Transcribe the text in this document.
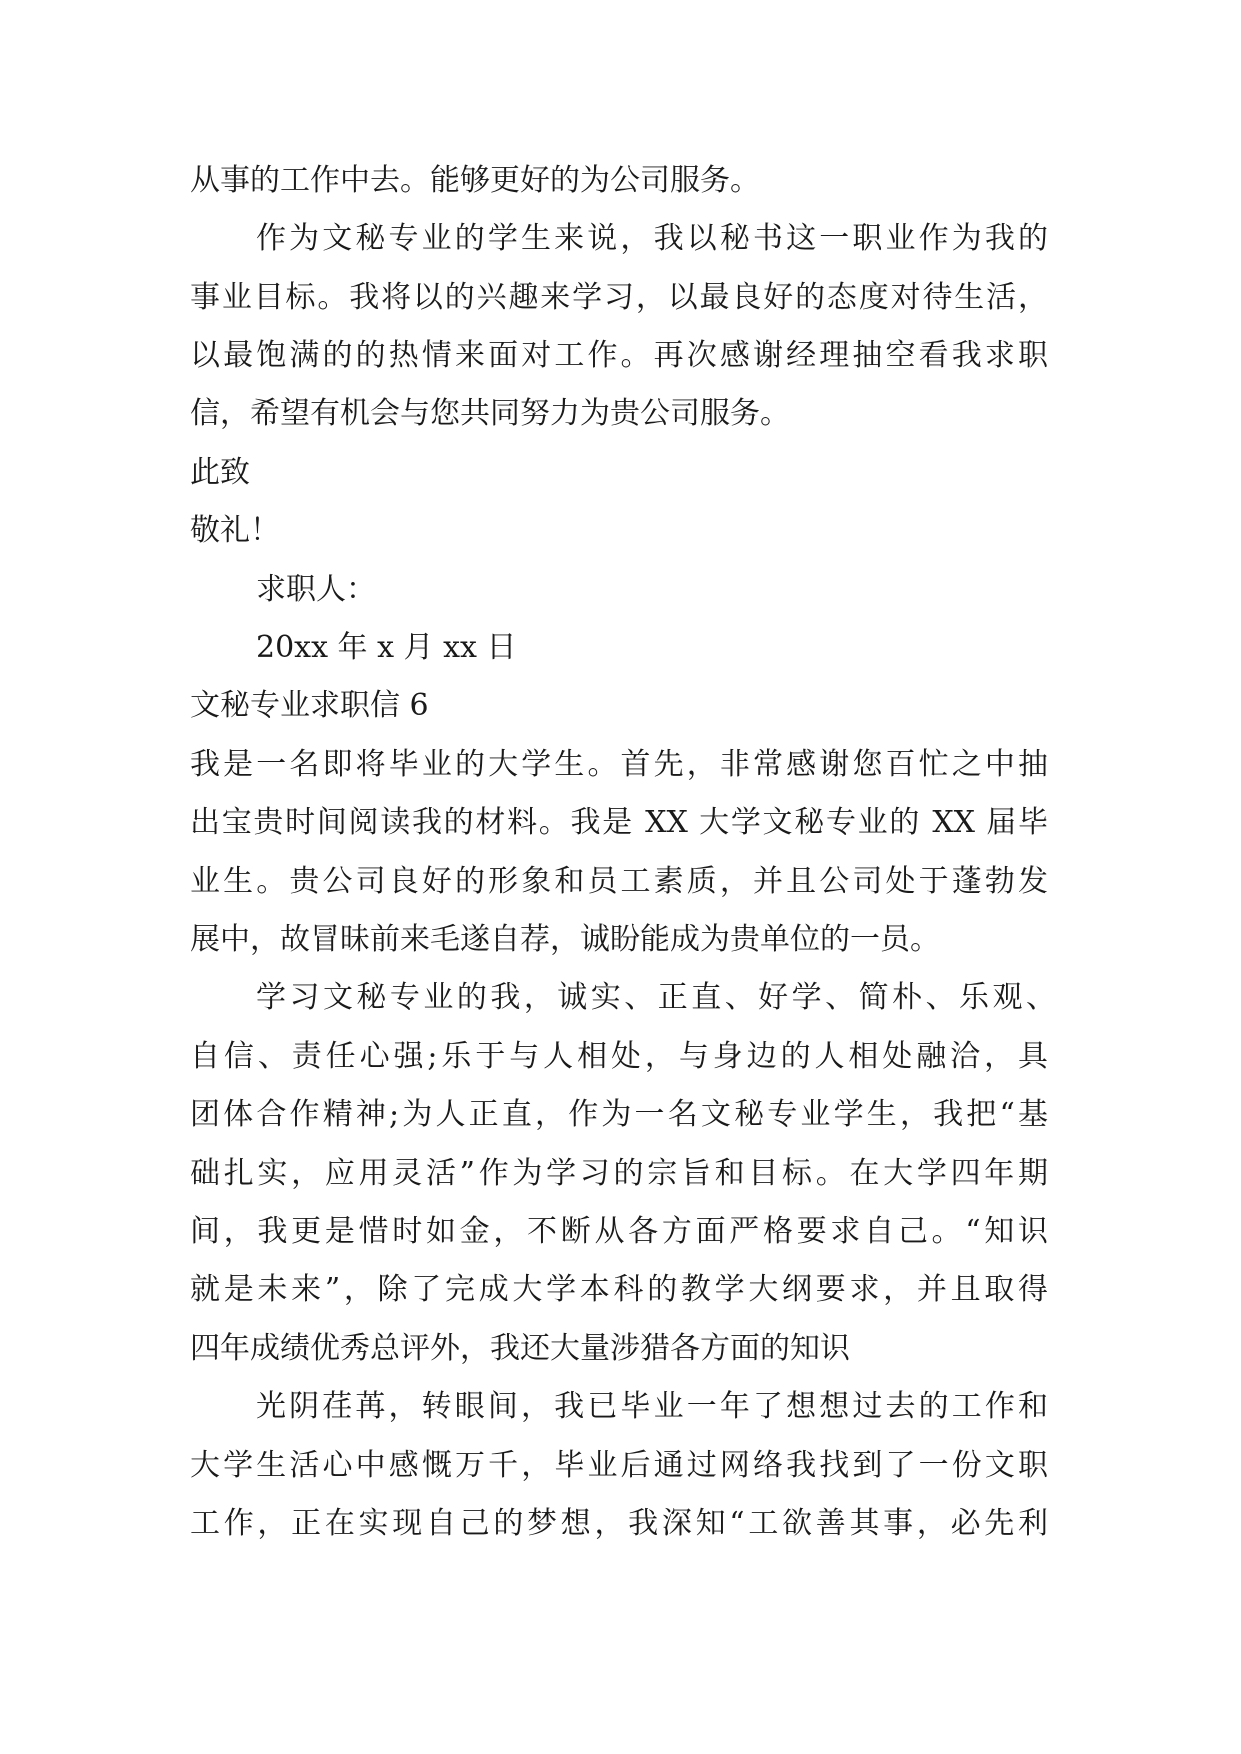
从事的工作中去。能够更好的为公司服务。
作为文秘专业的学生来说，我以秘书这一职业作为我的
事业目标。我将以的兴趣来学习，以最良好的态度对待生活，
以最饱满的的热情来面对工作。再次感谢经理抽空看我求职
信，希望有机会与您共同努力为贵公司服务。
此致
敬礼！
求职人：
20xx 年 x 月 xx 日
文秘专业求职信 6
我是一名即将毕业的大学生。首先，非常感谢您百忙之中抽
出宝贵时间阅读我的材料。我是 XX 大学文秘专业的 XX 届毕
业生。贵公司良好的形象和员工素质，并且公司处于蓬勃发
展中，故冒昧前来毛遂自荐，诚盼能成为贵单位的一员。
学习文秘专业的我，诚实、正直、好学、简朴、乐观、
自信、责任心强;乐于与人相处，与身边的人相处融洽，具
团体合作精神;为人正直，作为一名文秘专业学生，我把“基
础扎实，应用灵活”作为学习的宗旨和目标。在大学四年期
间，我更是惜时如金，不断从各方面严格要求自己。“知识
就是未来”，除了完成大学本科的教学大纲要求，并且取得
四年成绩优秀总评外，我还大量涉猎各方面的知识
光阴荏苒，转眼间，我已毕业一年了想想过去的工作和
大学生活心中感慨万千，毕业后通过网络我找到了一份文职
工作，正在实现自己的梦想，我深知“工欲善其事，必先利
